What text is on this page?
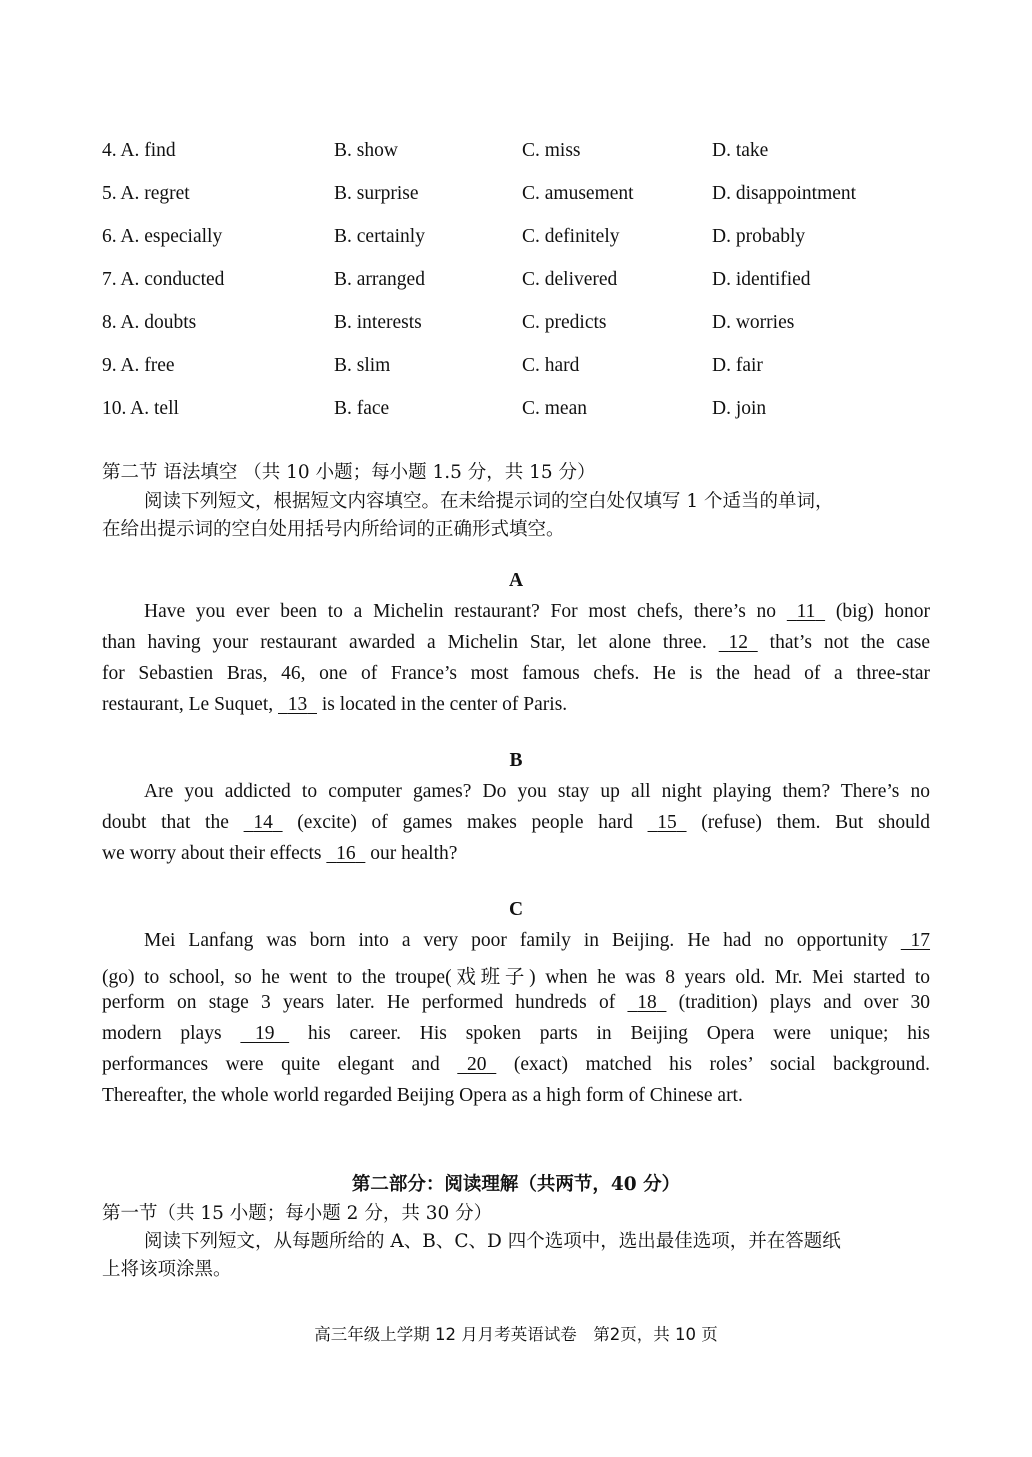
4. A. find	B. show	C. miss	D. take
5. A. regret	B. surprise	C. amusement	D. disappointment
6. A. especially	B. certainly	C. definitely	D. probably
7. A. conducted	B. arranged	C. delivered	D. identified
8. A. doubts	B. interests	C. predicts	D. worries
9. A. free	B. slim	C. hard	D. fair
10. A. tell	B. face	C. mean	D. join
第二节 语法填空 （共 10 小题；每小题 1.5 分，共 15 分）
阅读下列短文，根据短文内容填空。在未给提示词的空白处仅填写 1 个适当的单词，
在给出提示词的空白处用括号内所给词的正确形式填空。
A
Have you ever been to a Michelin restaurant? For most chefs, there’s no 11 (big) honor
than having your restaurant awarded a Michelin Star, let alone three. 12 that’s not the case
for Sebastien Bras, 46, one of France’s most famous chefs. He is the head of a three-star
restaurant, Le Suquet, 13 is located in the center of Paris.
B
Are you addicted to computer games? Do you stay up all night playing them? There’s no
doubt that the 14 (excite) of games makes people hard 15 (refuse) them. But should
we worry about their effects 16 our health?
C
Mei Lanfang was born into a very poor family in Beijing. He had no opportunity 17
(go) to school, so he went to the troupe(戏班子) when he was 8 years old. Mr. Mei started to
perform on stage 3 years later. He performed hundreds of 18 (tradition) plays and over 30
modern plays 19 his career. His spoken parts in Beijing Opera were unique; his
performances were quite elegant and 20 (exact) matched his roles’ social background.
Thereafter, the whole world regarded Beijing Opera as a high form of Chinese art.
第二部分：阅读理解（共两节，40 分）
第一节（共 15 小题；每小题 2 分，共 30 分）
阅读下列短文，从每题所给的 A、B、C、D 四个选项中，选出最佳选项，并在答题纸
上将该项涂黑。
高三年级上学期 12 月月考英语试卷　第2页，共 10 页
